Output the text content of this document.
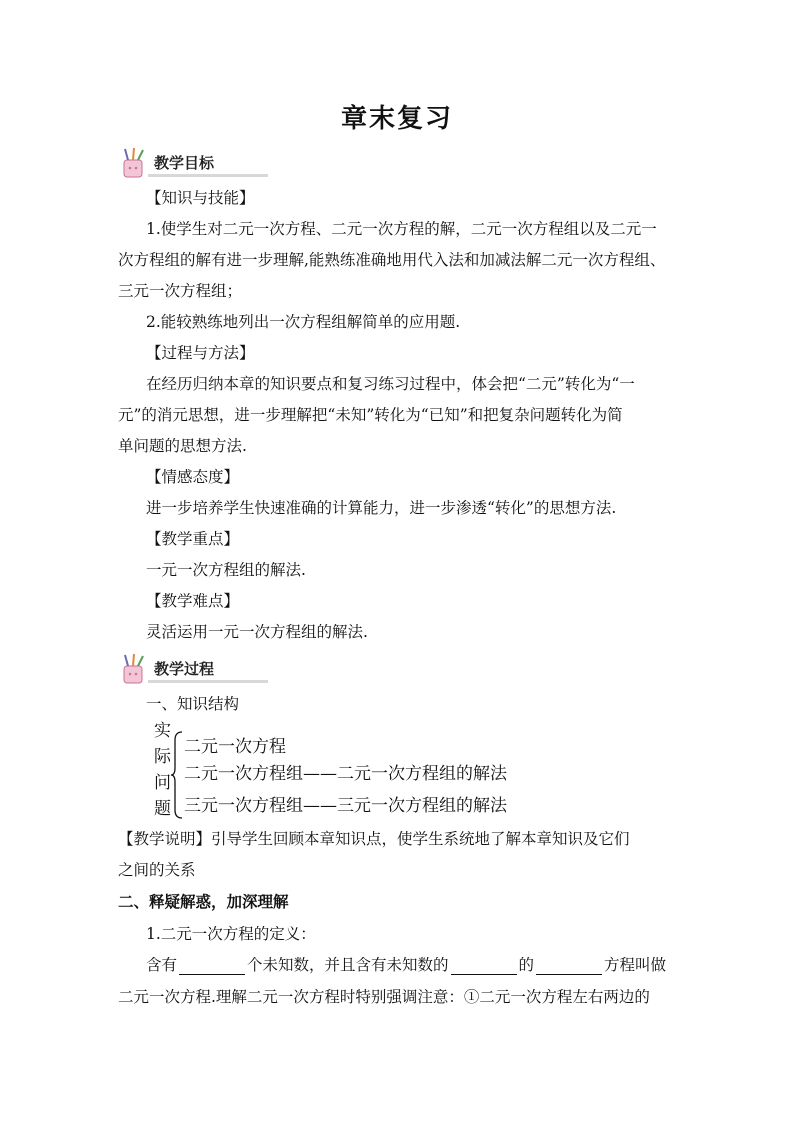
章末复习
教学目标
【知识与技能】
1.使学生对二元一次方程、二元一次方程的解，二元一次方程组以及二元一
次方程组的解有进一步理解,能熟练准确地用代入法和加减法解二元一次方程组、
三元一次方程组；
2.能较熟练地列出一次方程组解简单的应用题.
【过程与方法】
在经历归纳本章的知识要点和复习练习过程中，体会把“二元”转化为“一
元”的消元思想，进一步理解把“未知”转化为“已知”和把复杂问题转化为简
单问题的思想方法.
【情感态度】
进一步培养学生快速准确的计算能力，进一步渗透“转化”的思想方法.
【教学重点】
一元一次方程组的解法.
【教学难点】
灵活运用一元一次方程组的解法.
教学过程
一、知识结构
实
际
问
题
二元一次方程
二元一次方程组——二元一次方程组的解法
三元一次方程组——三元一次方程组的解法
【教学说明】引导学生回顾本章知识点，使学生系统地了解本章知识及它们
之间的关系
二、释疑解惑，加深理解
1.二元一次方程的定义：
含有	个未知数，并且含有未知数的	的	方程叫做
二元一次方程.理解二元一次方程时特别强调注意：①二元一次方程左右两边的
